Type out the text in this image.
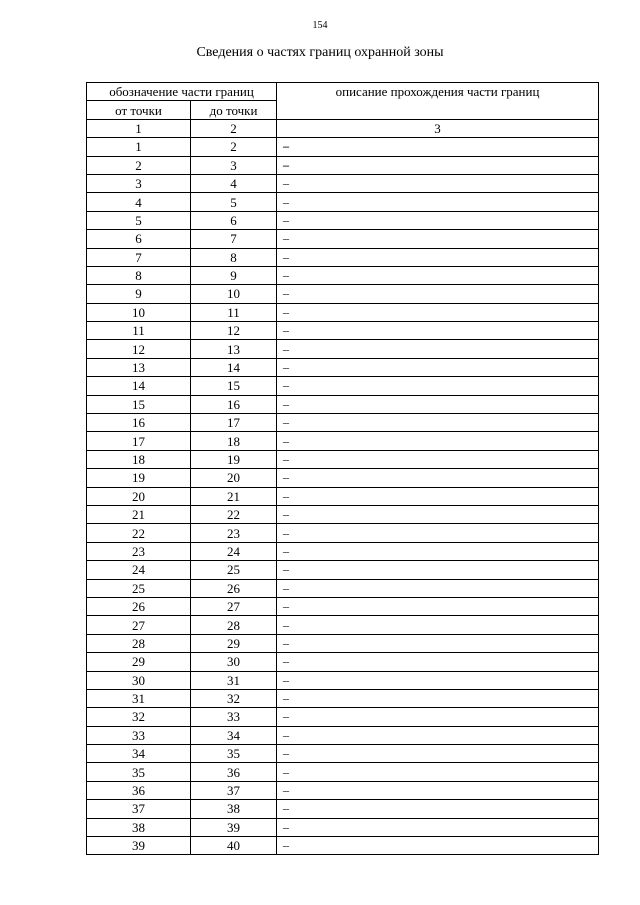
154
Сведения о частях границ охранной зоны
обозначение части границ		описание прохождения части границ
от точки	до точки	
1	2	3
1	2	–
2	3	–
3	4	–
4	5	–
5	6	–
6	7	–
7	8	–
8	9	–
9	10	–
10	11	–
11	12	–
12	13	–
13	14	–
14	15	–
15	16	–
16	17	–
17	18	–
18	19	–
19	20	–
20	21	–
21	22	–
22	23	–
23	24	–
24	25	–
25	26	–
26	27	–
27	28	–
28	29	–
29	30	–
30	31	–
31	32	–
32	33	–
33	34	–
34	35	–
35	36	–
36	37	–
37	38	–
38	39	–
39	40	–
